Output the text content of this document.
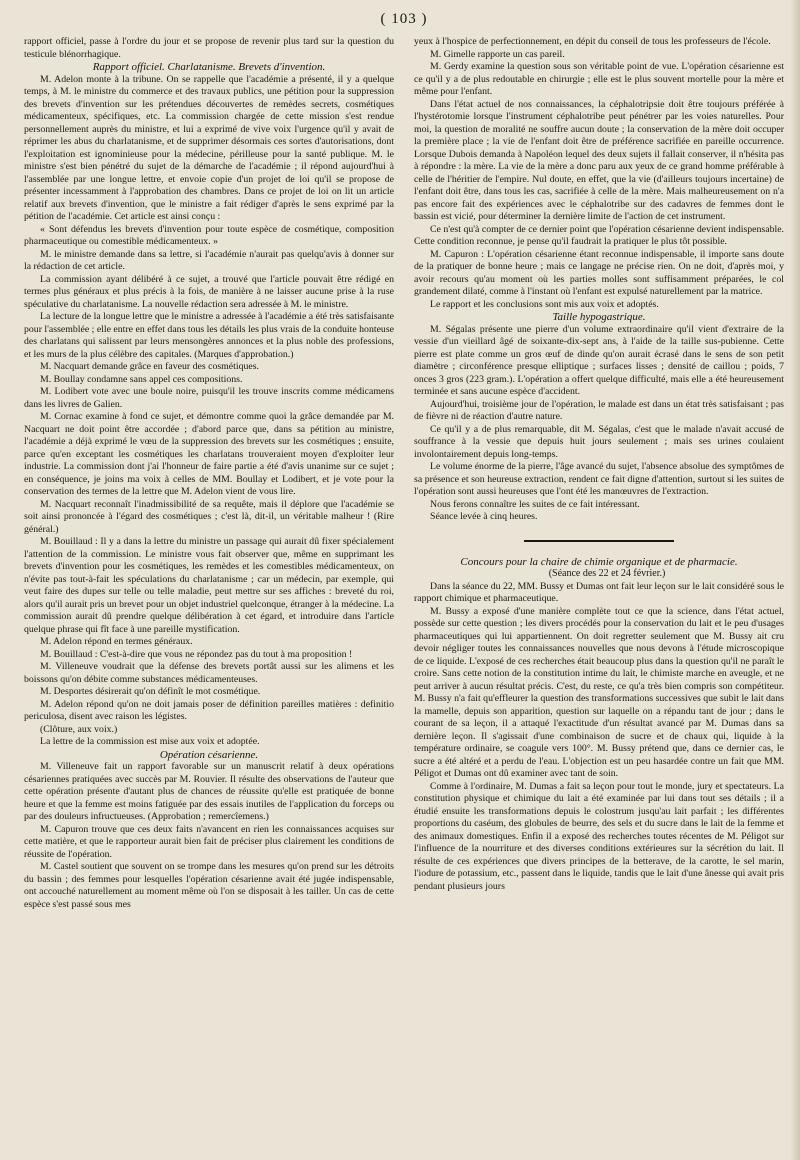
( 103 )

rapport officiel, passe à l'ordre du jour et se propose de revenir plus tard sur la question du testicule blénorrhagique.

Rapport officiel. Charlatanisme. Brevets d'invention.

M. Adelon monte à la tribune. On se rappelle que l'académie a présenté, il y a quelque temps, à M. le ministre du commerce et des travaux publics, une pétition pour la suppression des brevets d'invention sur les prétendues découvertes de remèdes secrets, cosmétiques médicamenteux, spécifiques, etc. La commission chargée de cette mission s'est rendue personnellement auprès du ministre, et lui a exprimé de vive voix l'urgence qu'il y avait de réprimer les abus du charlatanisme, et de supprimer désormais ces sortes d'autorisations, dont l'exploitation est ignominieuse pour la médecine, périlleuse pour la santé publique. M. le ministre s'est bien pénétré du sujet de la démarche de l'académie ; il répond aujourd'hui à l'assemblée par une longue lettre, et envoie copie d'un projet de loi qu'il se propose de présenter incessamment à l'approbation des chambres. Dans ce projet de loi on lit un article relatif aux brevets d'invention, que le ministre a fait rédiger d'après le sens exprimé par la pétition de l'académie. Cet article est ainsi conçu :

« Sont défendus les brevets d'invention pour toute espèce de cosmétique, composition pharmaceutique ou comestible médicamenteux. »

M. le ministre demande dans sa lettre, si l'académie n'aurait pas quelqu'avis à donner sur la rédaction de cet article.

La commission ayant délibéré à ce sujet, a trouvé que l'article pouvait être rédigé en termes plus généraux et plus précis à la fois, de manière à ne laisser aucune prise à la ruse spéculative du charlatanisme. La nouvelle rédaction sera adressée à M. le ministre.

La lecture de la longue lettre que le ministre a adressée à l'académie a été très satisfaisante pour l'assemblée ; elle entre en effet dans tous les détails les plus vrais de la conduite honteuse des charlatans qui salissent par leurs mensongères annonces et la plus noble des professions, et les murs de la plus célèbre des capitales. (Marques d'approbation.)

M. Nacquart demande grâce en faveur des cosmétiques.

M. Boullay condamne sans appel ces compositions.

M. Lodibert vote avec une boule noire, puisqu'il les trouve inscrits comme médicamens dans les livres de Galien.

M. Cornac examine à fond ce sujet, et démontre comme quoi la grâce demandée par M. Nacquart ne doit point être accordée ; d'abord parce que, dans sa pétition au ministre, l'académie a déjà exprimé le vœu de la suppression des brevets sur les cosmétiques ; ensuite, parce qu'en exceptant les cosmétiques les charlatans trouveraient moyen d'exploiter leur industrie. La commission dont j'ai l'honneur de faire partie a été d'avis unanime sur ce sujet ; en conséquence, je joins ma voix à celles de MM. Boullay et Lodibert, et je vote pour la conservation des termes de la lettre que M. Adelon vient de vous lire.

M. Nacquart reconnaît l'inadmissibilité de sa requête, mais il déplore que l'académie se soit ainsi prononcée à l'égard des cosmétiques ; c'est là, dit-il, un véritable malheur ! (Rire général.)

M. Bouillaud : Il y a dans la lettre du ministre un passage qui aurait dû fixer spécialement l'attention de la commission. Le ministre vous fait observer que, même en supprimant les brevets d'invention pour les cosmétiques, les remèdes et les comestibles médicamenteux, on n'évite pas tout-à-fait les spéculations du charlatanisme ; car un médecin, par exemple, qui veut faire des dupes sur telle ou telle maladie, peut mettre sur ses affiches : breveté du roi, alors qu'il aurait pris un brevet pour un objet industriel quelconque, étranger à la médecine. La commission aurait dû prendre quelque délibération à cet égard, et introduire dans l'article quelque phrase qui fît face à une pareille mystification.

M. Adelon répond en termes généraux.

M. Bouillaud : C'est-à-dire que vous ne répondez pas du tout à ma proposition !

M. Villeneuve voudrait que la défense des brevets portât aussi sur les alimens et les boissons qu'on débite comme substances médicamenteuses.

M. Desportes désirerait qu'on définît le mot cosmétique.

M. Adelon répond qu'on ne doit jamais poser de définition pareilles matières : definitio periculosa, disent avec raison les légistes.

(Clôture, aux voix.)

La lettre de la commission est mise aux voix et adoptée.

Opération césarienne.

M. Villeneuve fait un rapport favorable sur un manuscrit relatif à deux opérations césariennes pratiquées avec succès par M. Rouvier. Il résulte des observations de l'auteur que cette opération présente d'autant plus de chances de réussite qu'elle est pratiquée de bonne heure et que la femme est moins fatiguée par des essais inutiles de l'application du forceps ou par des douleurs infructueuses. (Approbation ; remercîemens.)

M. Capuron trouve que ces deux faits n'avancent en rien les connaissances acquises sur cette matière, et que le rapporteur aurait bien fait de préciser plus clairement les conditions de réussite de l'opération.

M. Castel soutient que souvent on se trompe dans les mesures qu'on prend sur les détroits du bassin ; des femmes pour lesquelles l'opération césarienne avait été jugée indispensable, ont accouché naturellement au moment même où l'on se disposait à les tailler. Un cas de cette espèce s'est passé sous mes

yeux à l'hospice de perfectionnement, en dépit du conseil de tous les professeurs de l'école.

M. Gimelle rapporte un cas pareil.

M. Gerdy examine la question sous son véritable point de vue. L'opération césarienne est ce qu'il y a de plus redoutable en chirurgie ; elle est le plus souvent mortelle pour la mère et même pour l'enfant.

Dans l'état actuel de nos connaissances, la céphalotripsie doit être toujours préférée à l'hystérotomie lorsque l'instrument céphalotribe peut pénétrer par les voies naturelles. Pour moi, la question de moralité ne souffre aucun doute ; la conservation de la mère doit occuper la première place ; la vie de l'enfant doit être de préférence sacrifiée en pareille occurrence. Lorsque Dubois demanda à Napoléon lequel des deux sujets il fallait conserver, il n'hésita pas à répondre : la mère. La vie de la mère a donc paru aux yeux de ce grand homme préférable à celle de l'héritier de l'empire. Nul doute, en effet, que la vie (d'ailleurs toujours incertaine) de l'enfant doit être, dans tous les cas, sacrifiée à celle de la mère. Mais malheureusement on n'a pas encore fait des expériences avec le céphalotribe sur des cadavres de femmes dont le bassin est vicié, pour déterminer la dernière limite de l'action de cet instrument.

Ce n'est qu'à compter de ce dernier point que l'opération césarienne devient indispensable. Cette condition reconnue, je pense qu'il faudrait la pratiquer le plus tôt possible.

M. Capuron : L'opération césarienne étant reconnue indispensable, il importe sans doute de la pratiquer de bonne heure ; mais ce langage ne précise rien. On ne doit, d'après moi, y avoir recours qu'au moment où les parties molles sont suffisamment préparées, le col grandement dilaté, comme à l'instant où l'enfant est expulsé naturellement par la matrice.

Le rapport et les conclusions sont mis aux voix et adoptés.

Taille hypogastrique.

M. Ségalas présente une pierre d'un volume extraordinaire qu'il vient d'extraire de la vessie d'un vieillard âgé de soixante-dix-sept ans, à l'aide de la taille sus-pubienne. Cette pierre est plate comme un gros œuf de dinde qu'on aurait écrasé dans le sens de son petit diamètre ; circonférence presque elliptique ; surfaces lisses ; densité de caillou ; poids, 7 onces 3 gros (223 gram.). L'opération a offert quelque difficulté, mais elle a été heureusement terminée et sans aucune espèce d'accident.

Aujourd'hui, troisième jour de l'opération, le malade est dans un état très satisfaisant ; pas de fièvre ni de réaction d'autre nature.

Ce qu'il y a de plus remarquable, dit M. Ségalas, c'est que le malade n'avait accusé de souffrance à la vessie que depuis huit jours seulement ; mais ses urines coulaient involontairement depuis long-temps.

Le volume énorme de la pierre, l'âge avancé du sujet, l'absence absolue des symptômes de sa présence et son heureuse extraction, rendent ce fait digne d'attention, surtout si les suites de l'opération sont aussi heureuses que l'ont été les manœuvres de l'extraction.

Nous ferons connaître les suites de ce fait intéressant.

Séance levée à cinq heures.

Concours pour la chaire de chimie organique et de pharmacie.

(Séance des 22 et 24 février.)

Dans la séance du 22, MM. Bussy et Dumas ont fait leur leçon sur le lait considéré sous le rapport chimique et pharmaceutique.

M. Bussy a exposé d'une manière complète tout ce que la science, dans l'état actuel, possède sur cette question ; les divers procédés pour la conservation du lait et le peu d'usages pharmaceutiques qui lui appartiennent. On doit regretter seulement que M. Bussy ait cru devoir négliger toutes les connaissances nouvelles que nous devons à l'étude microscopique de ce liquide. L'exposé de ces recherches était beaucoup plus dans la question qu'il ne paraît le croire. Sans cette notion de la constitution intime du lait, le chimiste marche en aveugle, et ne peut arriver à aucun résultat précis. C'est, du reste, ce qu'a très bien compris son compétiteur. M. Bussy n'a fait qu'effleurer la question des transformations successives que subit le lait dans la mamelle, depuis son apparition, question sur laquelle on a répandu tant de jour ; dans le courant de sa leçon, il a attaqué l'exactitude d'un résultat avancé par M. Dumas dans sa dernière leçon. Il s'agissait d'une combinaison de sucre et de chaux qui, liquide à la température ordinaire, se coagule vers 100°. M. Bussy prétend que, dans ce dernier cas, le sucre a été altéré et a perdu de l'eau. L'objection est un peu hasardée contre un fait que MM. Péligot et Dumas ont dû examiner avec tant de soin.

Comme à l'ordinaire, M. Dumas a fait sa leçon pour tout le monde, jury et spectateurs. La constitution physique et chimique du lait a été examinée par lui dans tout ses détails ; il a étudié ensuite les transformations depuis le colostrum jusqu'au lait parfait ; les différentes proportions du caséum, des globules de beurre, des sels et du sucre dans le lait de la femme et des animaux domestiques. Enfin il a exposé des recherches toutes récentes de M. Péligot sur l'influence de la nourriture et des diverses conditions extérieures sur la sécrétion du lait. Il résulte de ces expériences que divers principes de la betterave, de la carotte, le sel marin, l'iodure de potassium, etc., passent dans le liquide, tandis que le lait d'une ânesse qui avait pris pendant plusieurs jours
